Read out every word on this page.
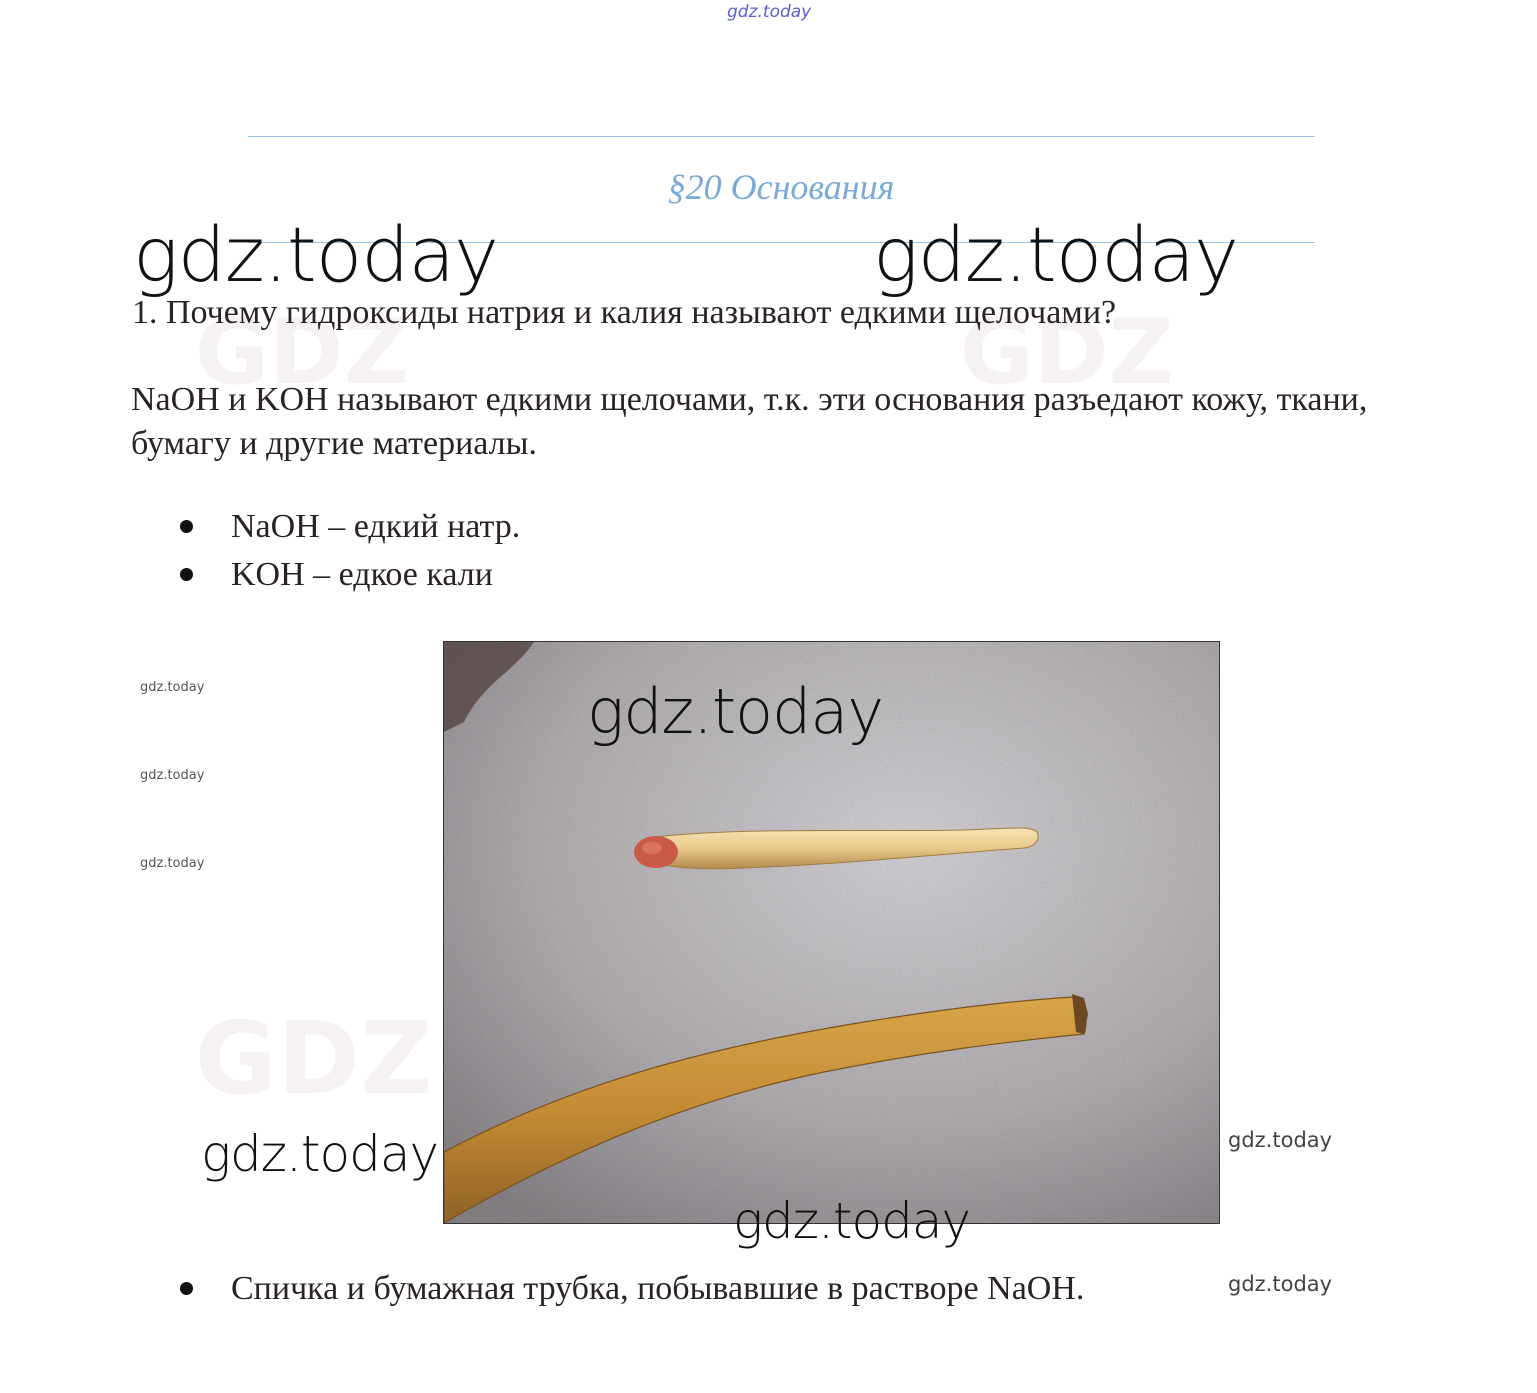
gdz.today
§20 Основания
GDZ	GDZ
GDZ
gdz.today	gdz.today
1. Почему гидроксиды натрия и калия называют едкими щелочами?
NaOH и KOH называют едкими щелочами, т.к. эти основания разъедают кожу, ткани, бумагу и другие материалы.
NaOH – едкий натр.
KOH – едкое кали
gdz.today
gdz.today
gdz.today
gdz.today
gdz.today
gdz.today
gdz.today
gdz.today
Спичка и бумажная трубка, побывавшие в растворе NaOH.
